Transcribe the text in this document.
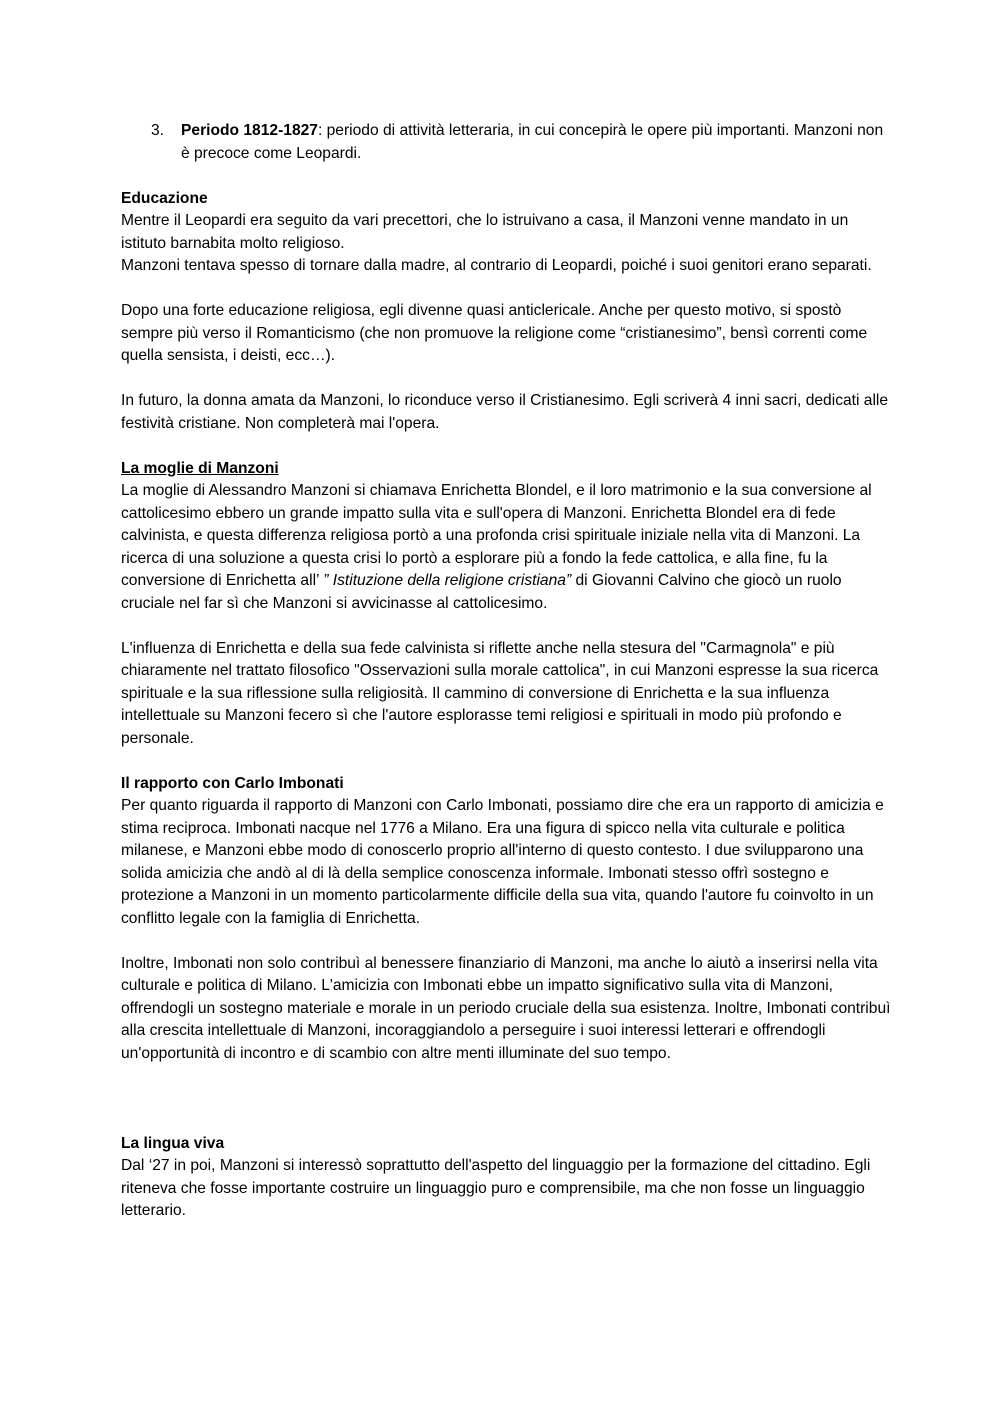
3.	Periodo 1812-1827: periodo di attività letteraria, in cui concepirà le opere più importanti. Manzoni non è precoce come Leopardi.

Educazione

Mentre il Leopardi era seguito da vari precettori, che lo istruivano a casa, il Manzoni venne mandato in un istituto barnabita molto religioso.

Manzoni tentava spesso di tornare dalla madre, al contrario di Leopardi, poiché i suoi genitori erano separati.

Dopo una forte educazione religiosa, egli divenne quasi anticlericale. Anche per questo motivo, si spostò sempre più verso il Romanticismo (che non promuove la religione come “cristianesimo”, bensì correnti come quella sensista, i deisti, ecc…).

In futuro, la donna amata da Manzoni, lo riconduce verso il Cristianesimo. Egli scriverà 4 inni sacri, dedicati alle festività cristiane. Non completerà mai l'opera.

La moglie di Manzoni

La moglie di Alessandro Manzoni si chiamava Enrichetta Blondel, e il loro matrimonio e la sua conversione al cattolicesimo ebbero un grande impatto sulla vita e sull'opera di Manzoni. Enrichetta Blondel era di fede calvinista, e questa differenza religiosa portò a una profonda crisi spirituale iniziale nella vita di Manzoni. La ricerca di una soluzione a questa crisi lo portò a esplorare più a fondo la fede cattolica, e alla fine, fu la conversione di Enrichetta all’ ” Istituzione della religione cristiana” di Giovanni Calvino che giocò un ruolo cruciale nel far sì che Manzoni si avvicinasse al cattolicesimo.

L'influenza di Enrichetta e della sua fede calvinista si riflette anche nella stesura del "Carmagnola" e più chiaramente nel trattato filosofico "Osservazioni sulla morale cattolica", in cui Manzoni espresse la sua ricerca spirituale e la sua riflessione sulla religiosità. Il cammino di conversione di Enrichetta e la sua influenza intellettuale su Manzoni fecero sì che l'autore esplorasse temi religiosi e spirituali in modo più profondo e personale.

Il rapporto con Carlo Imbonati

Per quanto riguarda il rapporto di Manzoni con Carlo Imbonati, possiamo dire che era un rapporto di amicizia e stima reciproca. Imbonati nacque nel 1776 a Milano. Era una figura di spicco nella vita culturale e politica milanese, e Manzoni ebbe modo di conoscerlo proprio all'interno di questo contesto. I due svilupparono una solida amicizia che andò al di là della semplice conoscenza informale. Imbonati stesso offrì sostegno e protezione a Manzoni in un momento particolarmente difficile della sua vita, quando l'autore fu coinvolto in un conflitto legale con la famiglia di Enrichetta.

Inoltre, Imbonati non solo contribuì al benessere finanziario di Manzoni, ma anche lo aiutò a inserirsi nella vita culturale e politica di Milano. L'amicizia con Imbonati ebbe un impatto significativo sulla vita di Manzoni, offrendogli un sostegno materiale e morale in un periodo cruciale della sua esistenza. Inoltre, Imbonati contribuì alla crescita intellettuale di Manzoni, incoraggiandolo a perseguire i suoi interessi letterari e offrendogli un'opportunità di incontro e di scambio con altre menti illuminate del suo tempo.

La lingua viva

Dal ‘27 in poi, Manzoni si interessò soprattutto dell'aspetto del linguaggio per la formazione del cittadino. Egli riteneva che fosse importante costruire un linguaggio puro e comprensibile, ma che non fosse un linguaggio letterario.
